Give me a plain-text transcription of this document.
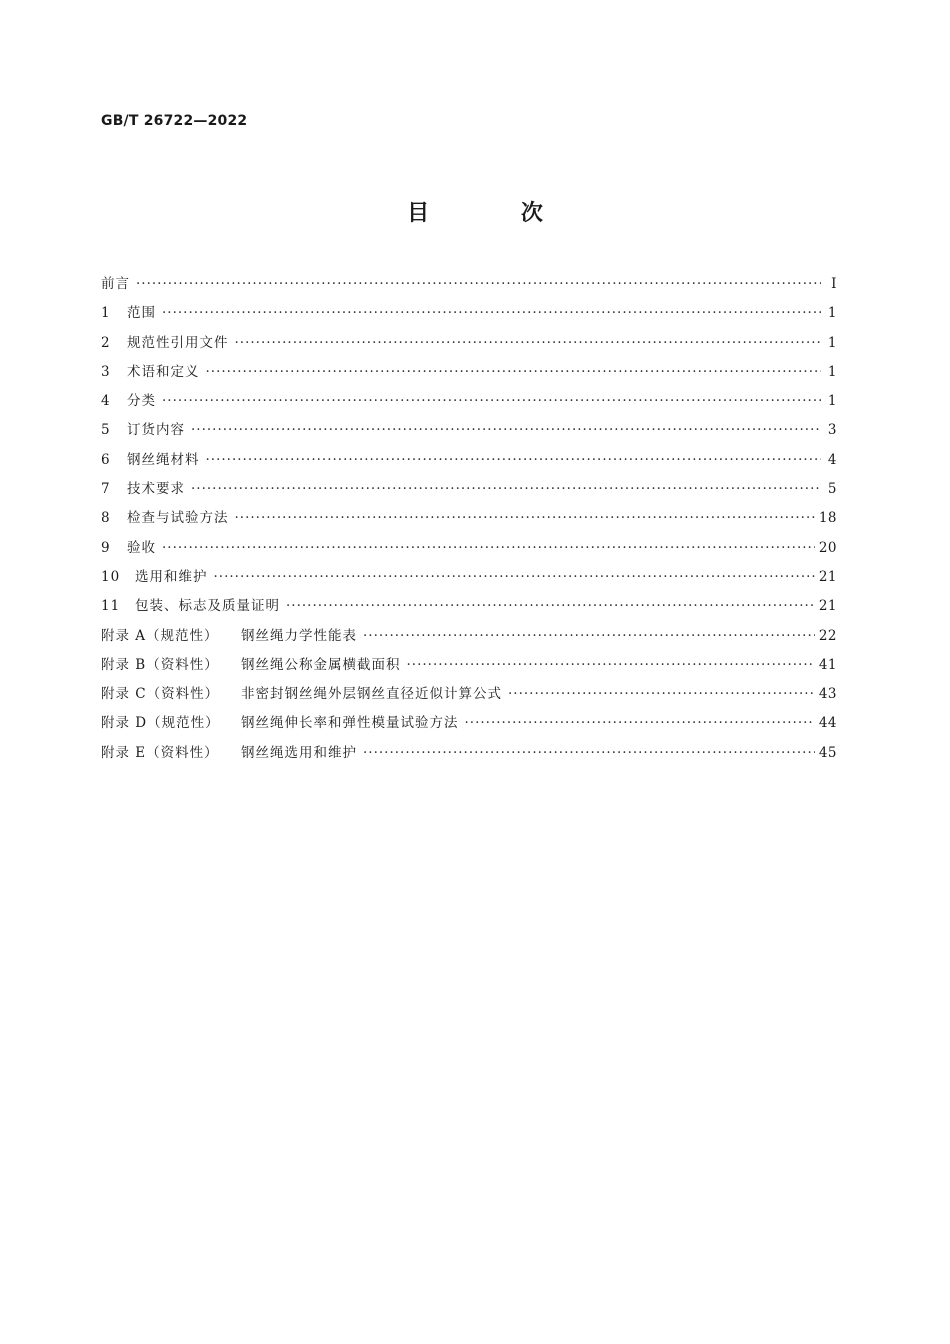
GB/T 26722—2022
目 次
前言 ·····	Ⅰ
1 范围 ·····	1
2 规范性引用文件 ·····	1
3 术语和定义 ·····	1
4 分类 ·····	1
5 订货内容 ·····	3
6 钢丝绳材料 ·····	4
7 技术要求 ·····	5
8 检查与试验方法 ·····	18
9 验收 ·····	20
10 选用和维护 ·····	21
11 包装、标志及质量证明 ·····	21
附录 A（规范性） 钢丝绳力学性能表 ·····	22
附录 B（资料性） 钢丝绳公称金属横截面积 ·····	41
附录 C（资料性） 非密封钢丝绳外层钢丝直径近似计算公式 ·····	43
附录 D（规范性） 钢丝绳伸长率和弹性模量试验方法 ·····	44
附录 E（资料性） 钢丝绳选用和维护 ·····	45
